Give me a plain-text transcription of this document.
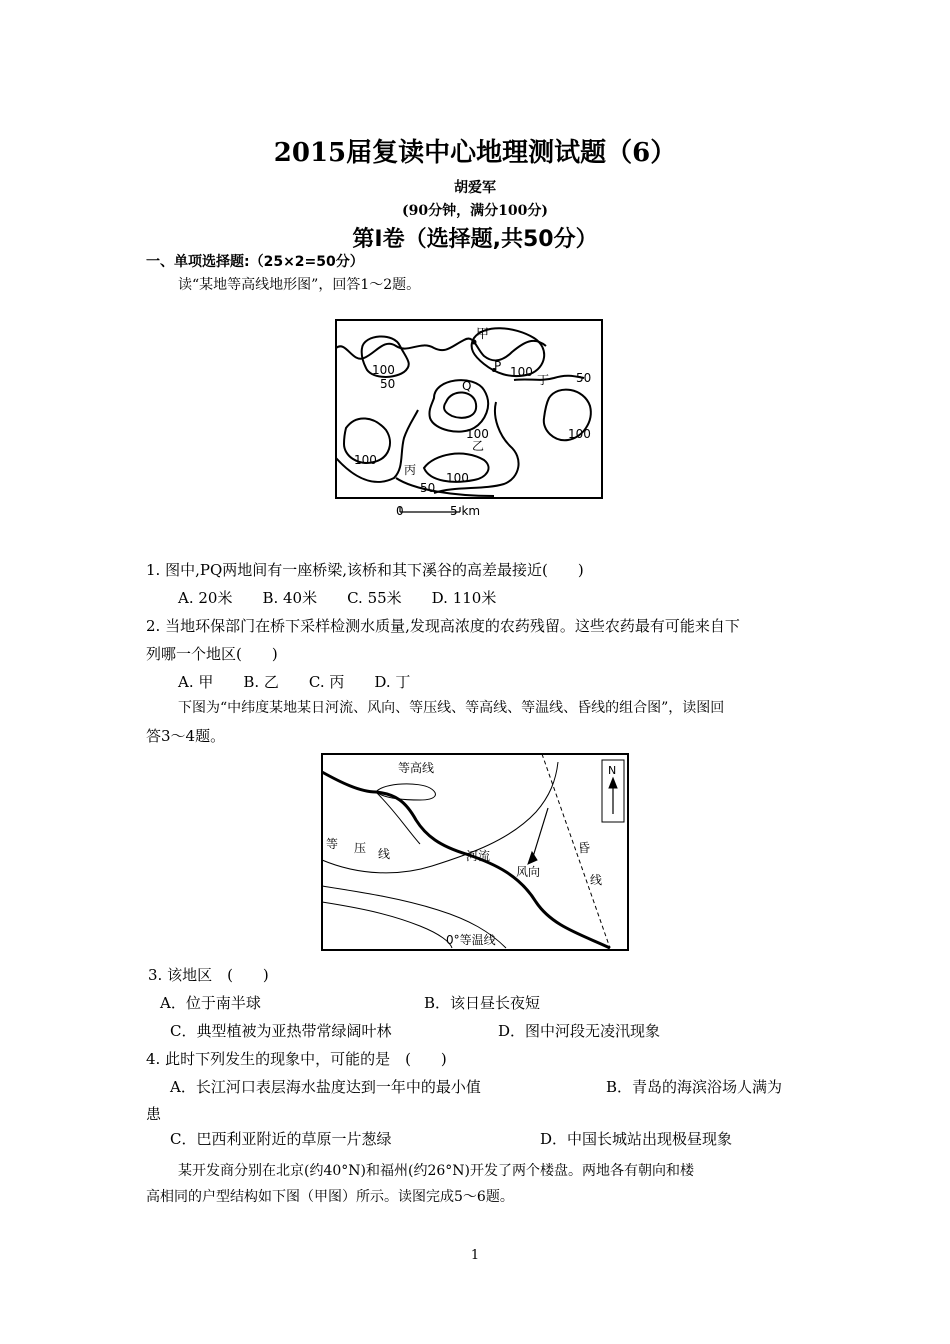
2015届复读中心地理测试题（6）
胡爱军
(90分钟，满分100分)
第Ⅰ卷（选择题,共50分）
一、单项选择题:（25×2=50分）
读“某地等高线地形图”，回答1～2题。
甲
P
Q	丁
乙
丙
100
50
100	50
100	100
100
100
50
0	5 km
1. 图中,PQ两地间有一座桥梁,该桥和其下溪谷的高差最接近(　　)
A. 20米　　B. 40米　　C. 55米　　D. 110米
2. 当地环保部门在桥下采样检测水质量,发现高浓度的农药残留。这些农药最有可能来自下
列哪一个地区(　　)
A. 甲　　B. 乙　　C. 丙　　D. 丁
下图为“中纬度某地某日河流、风向、等压线、等高线、等温线、昏线的组合图”，读图回
答3～4题。
等高线
等 压 线	河流
风向
昏
线
0°等温线
N
3. 该地区　(　　)
A．位于南半球	B．该日昼长夜短
C．典型植被为亚热带常绿阔叶林	D．图中河段无凌汛现象
4. 此时下列发生的现象中，可能的是　(　　)
A．长江河口表层海水盐度达到一年中的最小值	B．青岛的海滨浴场人满为
患
C．巴西利亚附近的草原一片葱绿	D．中国长城站出现极昼现象
某开发商分别在北京(约40°N)和福州(约26°N)开发了两个楼盘。两地各有朝向和楼
高相同的户型结构如下图（甲图）所示。读图完成5～6题。
1
